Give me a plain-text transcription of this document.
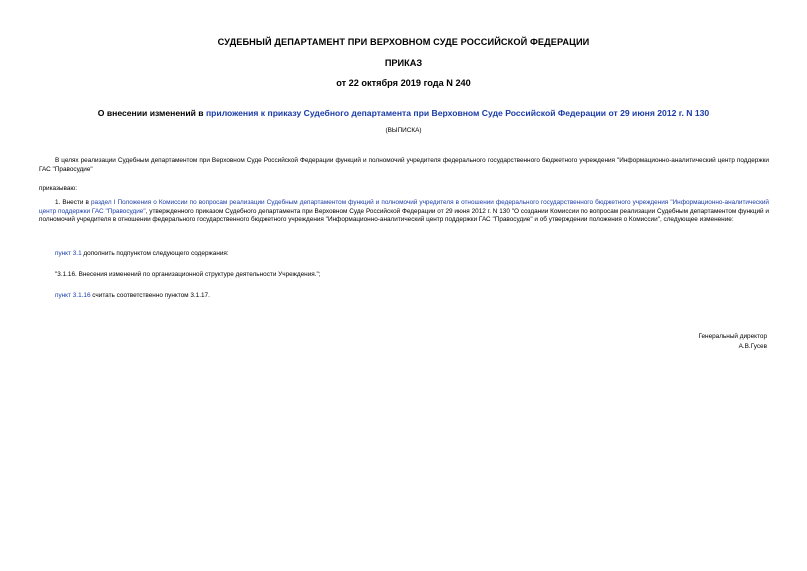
СУДЕБНЫЙ ДЕПАРТАМЕНТ ПРИ ВЕРХОВНОМ СУДЕ РОССИЙСКОЙ ФЕДЕРАЦИИ
ПРИКАЗ
от 22 октября 2019 года N 240
О внесении изменений в приложения к приказу Судебного департамента при Верховном Суде Российской Федерации от 29 июня 2012 г. N 130
(ВЫПИСКА)
В целях реализации Судебным департаментом при Верховном Суде Российской Федерации функций и полномочий учредителя федерального государственного бюджетного учреждения "Информационно-аналитический центр поддержки ГАС "Правосудие"
приказываю:
1. Внести в раздел I Положения о Комиссии по вопросам реализации Судебным департаментом функций и полномочий учредителя в отношении федерального государственного бюджетного учреждения "Информационно-аналитический центр поддержки ГАС "Правосудие", утвержденного приказом Судебного департамента при Верховном Суде Российской Федерации от 29 июня 2012 г. N 130 "О создании Комиссии по вопросам реализации Судебным департаментом функций и полномочий учредителя в отношении федерального государственного бюджетного учреждения "Информационно-аналитический центр поддержки ГАС "Правосудие" и об утверждении положения о Комиссии", следующее изменение:
пункт 3.1 дополнить подпунктом следующего содержания:
"3.1.16. Внесения изменений по организационной структуре деятельности Учреждения.";
пункт 3.1.16 считать соответственно пунктом 3.1.17.
Генеральный директор
А.В.Гусев
